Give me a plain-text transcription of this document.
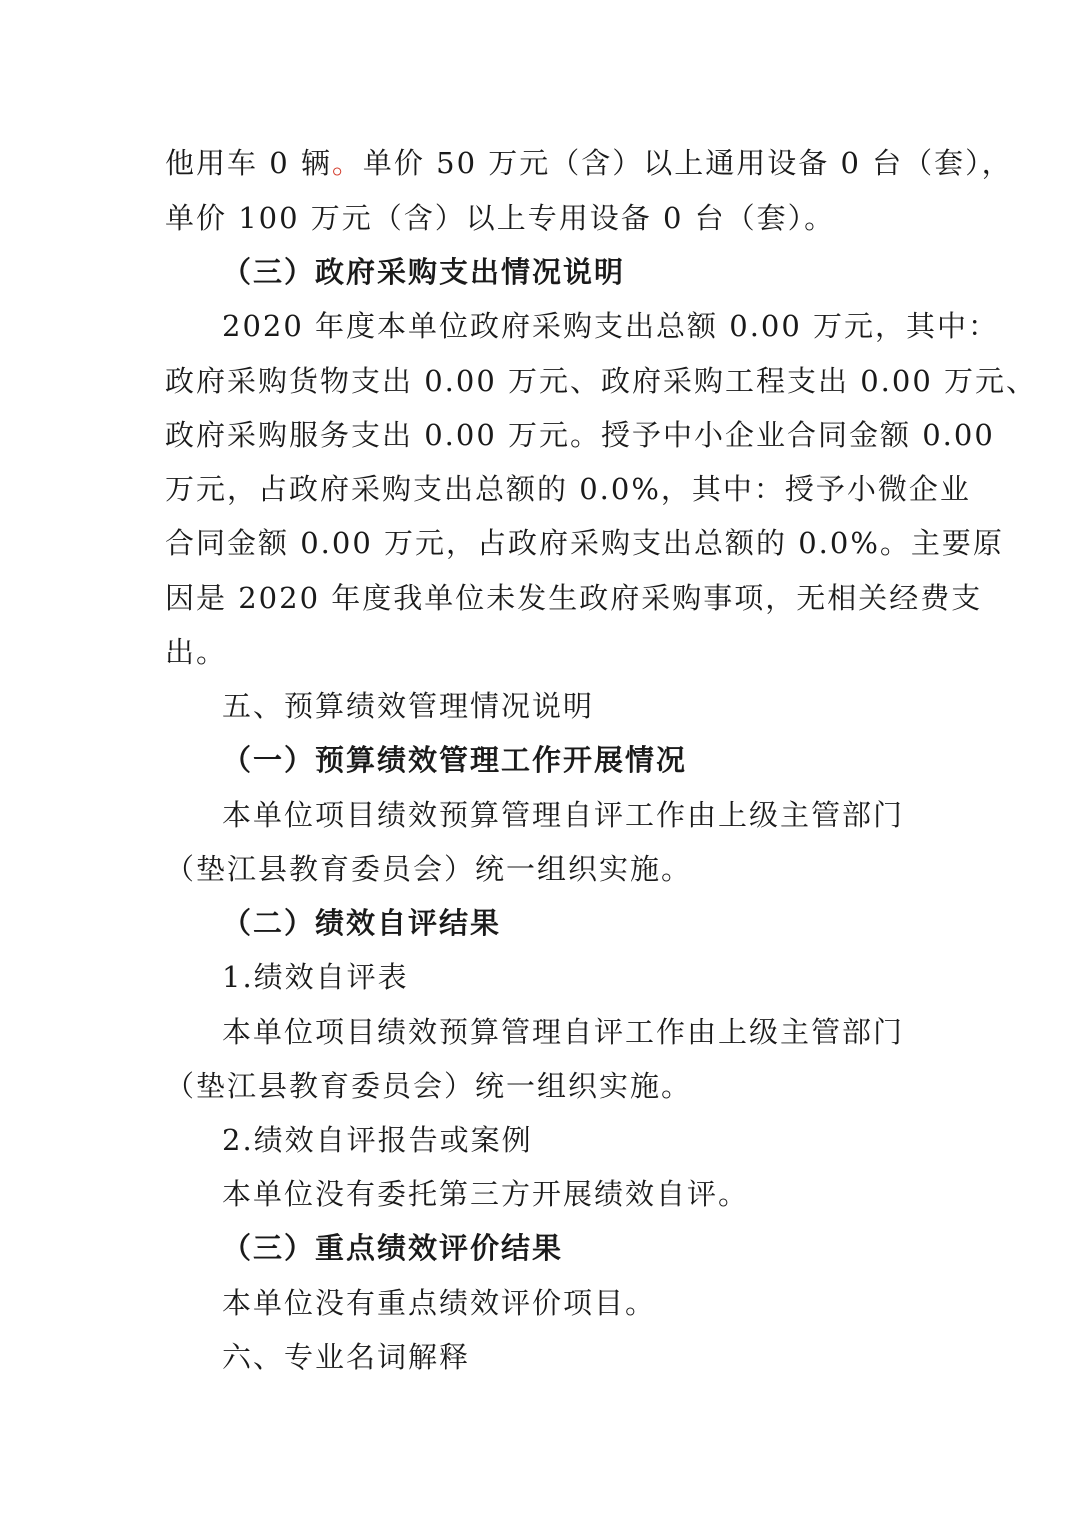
他用车 0 辆。单价 50 万元（含）以上通用设备 0 台（套），
单价 100 万元（含）以上专用设备 0 台（套）。
（三）政府采购支出情况说明
2020 年度本单位政府采购支出总额 0.00 万元，其中：
政府采购货物支出 0.00 万元、政府采购工程支出 0.00 万元、
政府采购服务支出 0.00 万元。授予中小企业合同金额 0.00
万元，占政府采购支出总额的 0.0%，其中：授予小微企业
合同金额 0.00 万元，占政府采购支出总额的 0.0%。主要原
因是 2020 年度我单位未发生政府采购事项，无相关经费支
出。
五、预算绩效管理情况说明
（一）预算绩效管理工作开展情况
本单位项目绩效预算管理自评工作由上级主管部门
（垫江县教育委员会）统一组织实施。
（二）绩效自评结果
1.绩效自评表
本单位项目绩效预算管理自评工作由上级主管部门
（垫江县教育委员会）统一组织实施。
2.绩效自评报告或案例
本单位没有委托第三方开展绩效自评。
（三）重点绩效评价结果
本单位没有重点绩效评价项目。
六、专业名词解释
